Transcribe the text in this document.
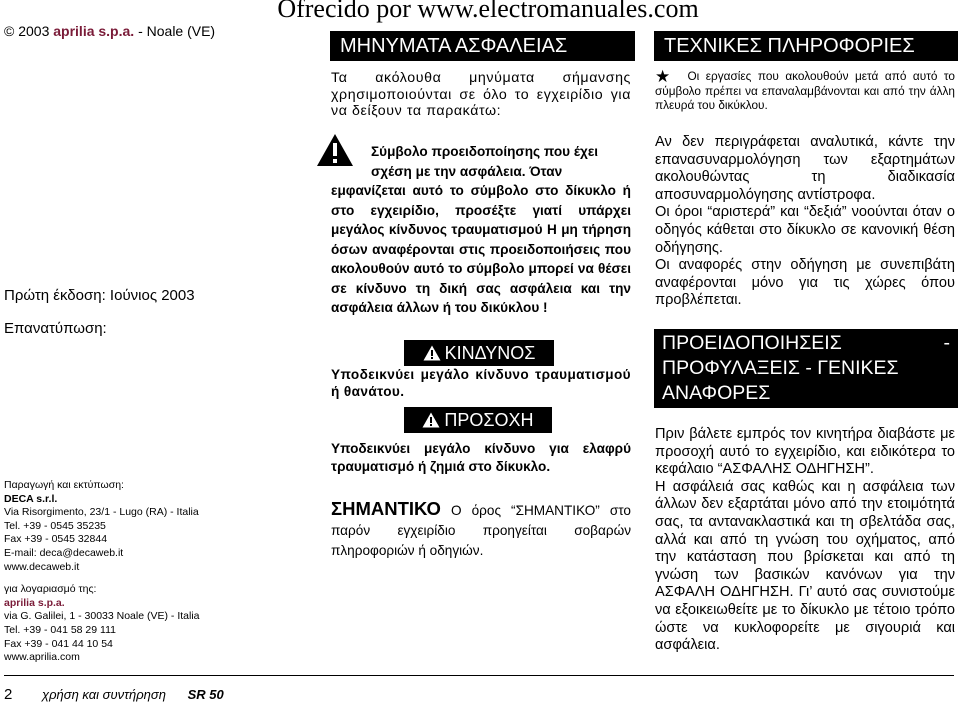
Ofrecido por www.electromanuales.com
© 2003 aprilia s.p.a. - Noale (VE)
Πρώτη έκδοση: Ιούνιος 2003
Επανατύπωση:
Παραγωγή και εκτύπωση:
DECA s.r.l.
Via Risorgimento, 23/1 - Lugo (RA) - Italia
Tel. +39 - 0545 35235
Fax +39 - 0545 32844
E-mail: deca@decaweb.it
www.decaweb.it
για λογαριασμό της:
aprilia s.p.a.
via G. Galilei, 1 - 30033 Noale (VE) - Italia
Tel. +39 - 041 58 29 111
Fax +39 - 041 44 10 54
www.aprilia.com
ΜΗΝΥΜΑΤΑ ΑΣΦΑΛΕΙΑΣ
Τα ακόλουθα μηνύματα σήμανσης χρησιμοποιούνται σε όλο το εγχειρίδιο για να δείξουν τα παρακάτω:
Σύμβολο προειδοποίησης που έχει
σχέση με την ασφάλεια. Όταν
εμφανίζεται αυτό το σύμβολο στο δίκυκλο ή στο εγχειρίδιο, προσέξτε γιατί υπάρχει μεγάλος κίνδυνος τραυματισμού Η μη τήρηση όσων αναφέρονται στις προειδοποιήσεις που ακολουθούν αυτό το σύμβολο μπορεί να θέσει σε κίνδυνο τη δική σας ασφάλεια και την ασφάλεια άλλων ή του δικύκλου !
ΚΙΝΔΥΝΟΣ
Υποδεικνύει μεγάλο κίνδυνο τραυματισμού ή θανάτου.
ΠΡΟΣΟΧΗ
Υποδεικνύει μεγάλο κίνδυνο για ελαφρύ τραυματισμό ή ζημιά στο δίκυκλο.
ΣΗΜΑΝΤΙΚΟ Ο όρος “ΣΗΜΑΝΤΙΚΟ” στο παρόν εγχειρίδιο προηγείται σοβαρών πληροφοριών ή οδηγιών.
ΤΕΧΝΙΚΕΣ ΠΛΗΡΟΦΟΡΙΕΣ
★ Οι εργασίες που ακολουθούν μετά από αυτό το σύμβολο πρέπει να επαναλαμβάνονται και από την άλλη πλευρά του δικύκλου.

Αν δεν περιγράφεται αναλυτικά, κάντε την επανασυναρμολόγηση των εξαρτημάτων ακολουθώντας τη διαδικασία αποσυναρμολόγησης αντίστροφα.

Οι όροι “αριστερά” και “δεξιά” νοούνται όταν ο οδηγός κάθεται στο δίκυκλο σε κανονική θέση οδήγησης.

Οι αναφορές στην οδήγηση με συνεπιβάτη αναφέρονται μόνο για τις χώρες όπου προβλέπεται.

ΠΡΟΕΙΔΟΠΟΙΗΣΕΙΣ	-
ΠΡΟΦΥΛΑΞΕΙΣ - ΓΕΝΙΚΕΣ
ΑΝΑΦΟΡΕΣ

Πριν βάλετε εμπρός τον κινητήρα διαβάστε με προσοχή αυτό το εγχειρίδιο, και ειδικότερα το κεφάλαιο “ΑΣΦΑΛΗΣ ΟΔΗΓΗΣΗ”.

Η ασφάλειά σας καθώς και η ασφάλεια των άλλων δεν εξαρτάται μόνο από την ετοιμότητά σας, τα αντανακλαστικά και τη σβελτάδα σας, αλλά και από τη γνώση του οχήματος, από την κατάσταση που βρίσκεται και από τη γνώση των βασικών κανόνων για την ΑΣΦΑΛΗ ΟΔΗΓΗΣΗ. Γι’ αυτό σας συνιστούμε να εξοικειωθείτε με το δίκυκλο με τέτοιο τρόπο ώστε να κυκλοφορείτε με σιγουριά και ασφάλεια.

2 χρήση και συντήρηση SR 50
